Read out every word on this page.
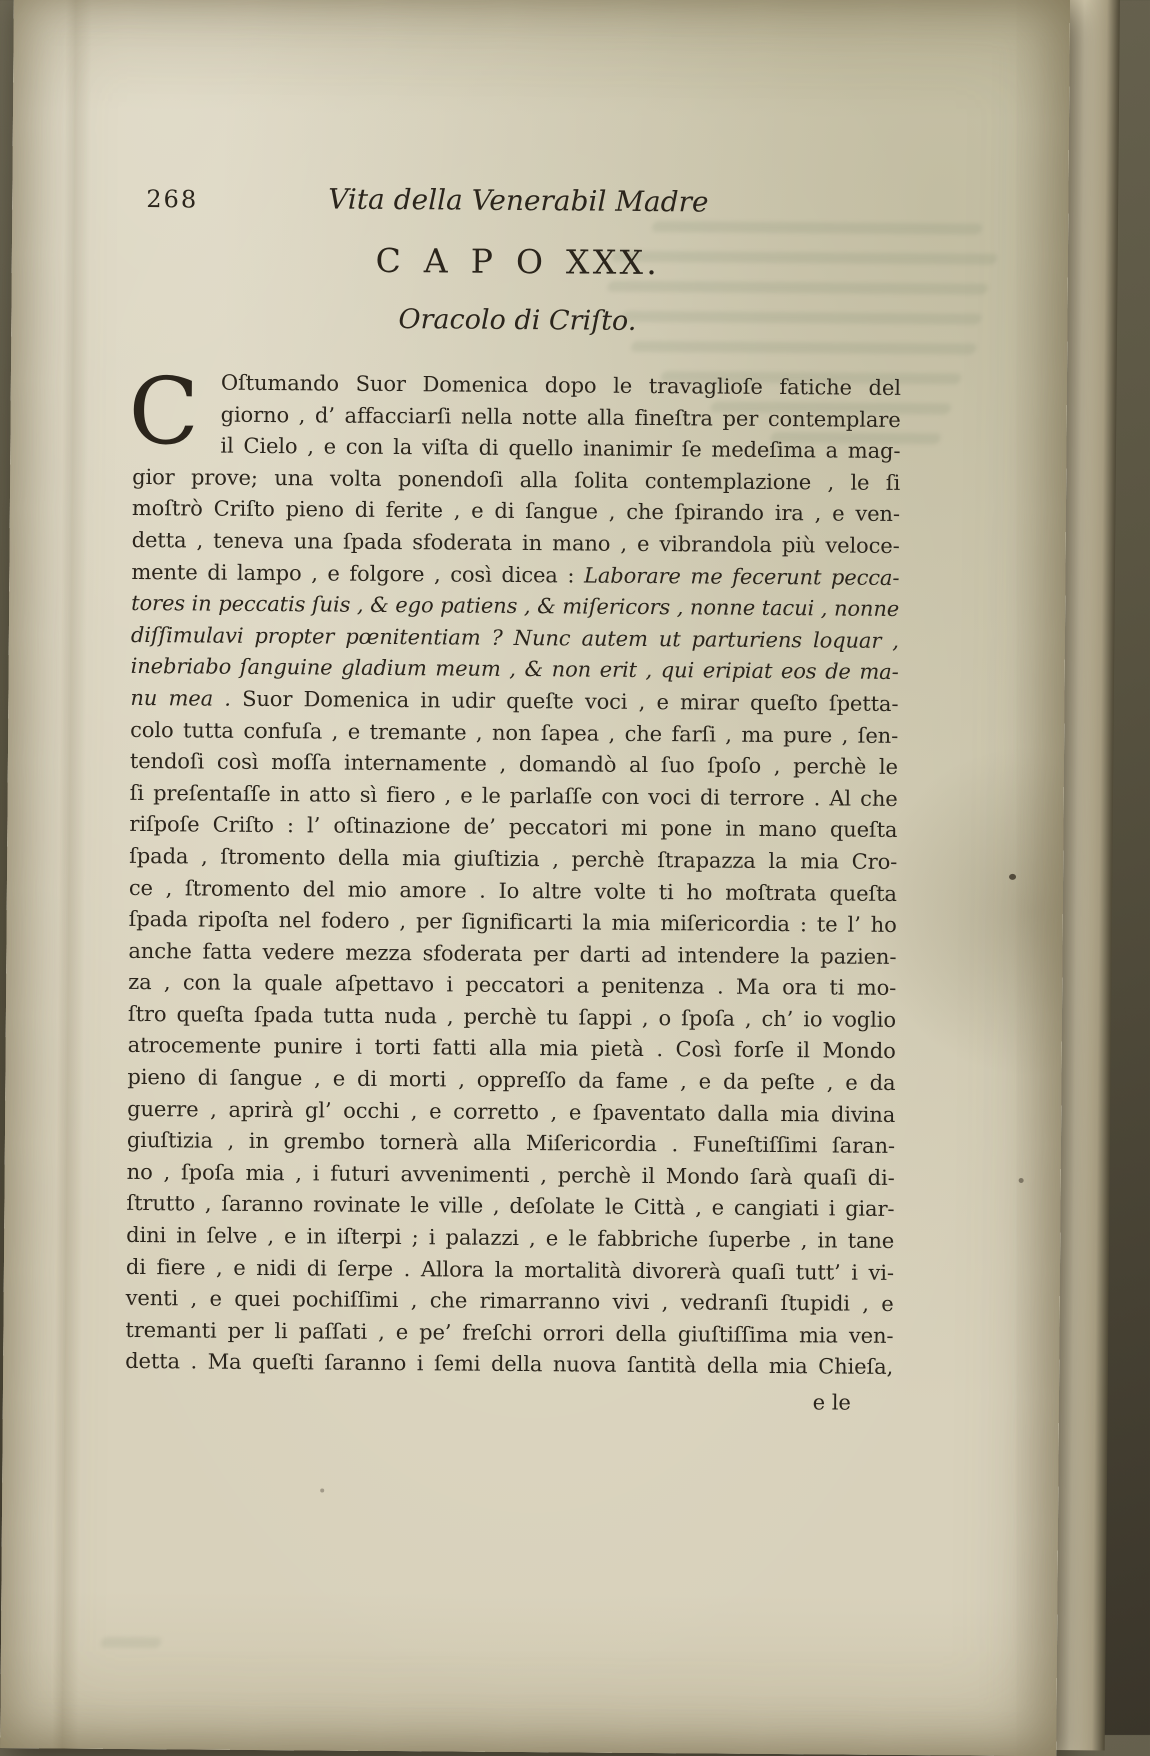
268	Vita della Venerabil Madre
C A P O XXX.
Oracolo di Criſto.
C	Oſtumando Suor Domenica dopo le travaglioſe fatiche del
giorno , d’ affacciarſi nella notte alla fineſtra per contemplare
il Cielo , e con la viſta di quello inanimir ſe medeſima a mag-
gior prove; una volta ponendoſi alla ſolita contemplazione , le ſi
moſtrò Criſto pieno di ferite , e di ſangue , che ſpirando ira , e ven-
detta , teneva una ſpada sfoderata in mano , e vibrandola più veloce-
mente di lampo , e folgore , così dicea : Laborare me fecerunt pecca-
tores in peccatis ſuis , & ego patiens , & miſericors , nonne tacui , nonne
diſſimulavi propter pœnitentiam ? Nunc autem ut parturiens loquar ,
inebriabo ſanguine gladium meum , & non erit , qui eripiat eos de ma-
nu mea . Suor Domenica in udir queſte voci , e mirar queſto ſpetta-
colo tutta confuſa , e tremante , non ſapea , che farſi , ma pure , ſen-
tendoſi così moſſa internamente , domandò al ſuo ſpoſo , perchè le
ſi preſentaſſe in atto sì fiero , e le parlaſſe con voci di terrore . Al che
riſpoſe Criſto : l’ oſtinazione de’ peccatori mi pone in mano queſta
ſpada , ſtromento della mia giuſtizia , perchè ſtrapazza la mia Cro-
ce , ſtromento del mio amore . Io altre volte ti ho moſtrata queſta
ſpada ripoſta nel fodero , per ſignificarti la mia miſericordia : te l’ ho
anche fatta vedere mezza sfoderata per darti ad intendere la pazien-
za , con la quale aſpettavo i peccatori a penitenza . Ma ora ti mo-
ſtro queſta ſpada tutta nuda , perchè tu ſappi , o ſpoſa , ch’ io voglio
atrocemente punire i torti fatti alla mia pietà . Così forſe il Mondo
pieno di ſangue , e di morti , oppreſſo da fame , e da peſte , e da
guerre , aprirà gl’ occhi , e corretto , e ſpaventato dalla mia divina
giuſtizia , in grembo tornerà alla Miſericordia . Funeſtiſſimi ſaran-
no , ſpoſa mia , i futuri avvenimenti , perchè il Mondo ſarà quaſi di-
ſtrutto , ſaranno rovinate le ville , deſolate le Città , e cangiati i giar-
dini in ſelve , e in iſterpi ; i palazzi , e le fabbriche ſuperbe , in tane
di fiere , e nidi di ſerpe . Allora la mortalità divorerà quaſi tutt’ i vi-
venti , e quei pochiſſimi , che rimarranno vivi , vedranſi ſtupidi , e
tremanti per li paſſati , e pe’ freſchi orrori della giuſtiſſima mia ven-
detta . Ma queſti ſaranno i ſemi della nuova ſantità della mia Chieſa,
e le
